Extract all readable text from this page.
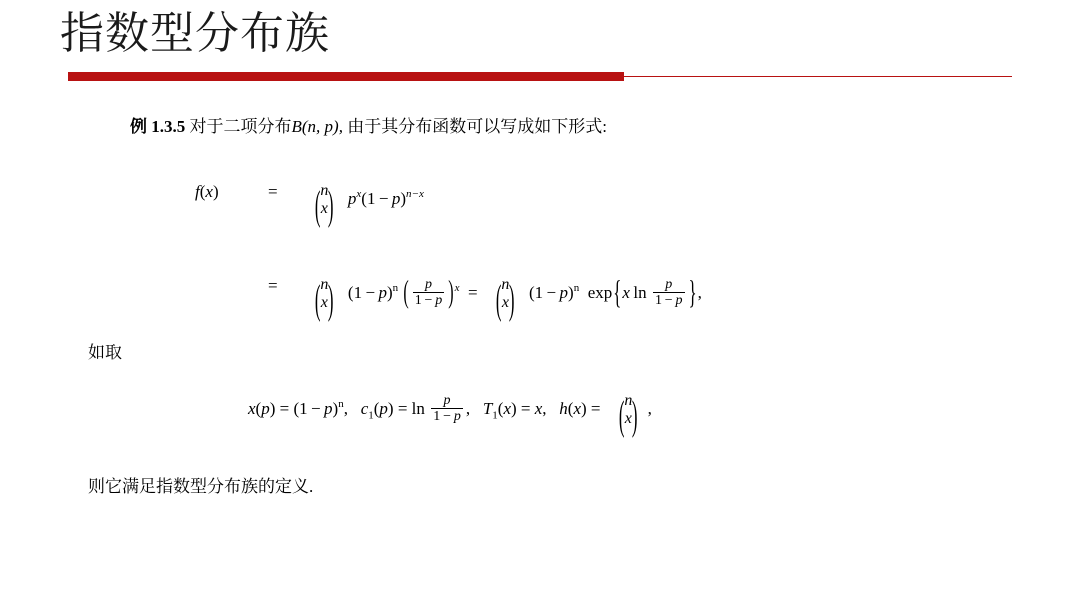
指数型分布族
例 1.3.5 对于二项分布B(n, p), 由于其分布函数可以写成如下形式:
f(x)	=	( n
x ) $p^x(1 - p)^{n-x}$
=	( n
x ) $(1 - p)^n$ ( $\frac{p}{1 - p} )^x$  =  ( n
x ) $(1 - p)^n$  exp{x $\ln \frac{p}{1 - p}$ },
如取
$x(p) = (1 - p)^n$,   $c_1(p) = \ln \frac{p}{1 - p}$ ,   $T_1(x) = x$,   h(x) =  ( n
x ) ,
则它满足指数型分布族的定义.
